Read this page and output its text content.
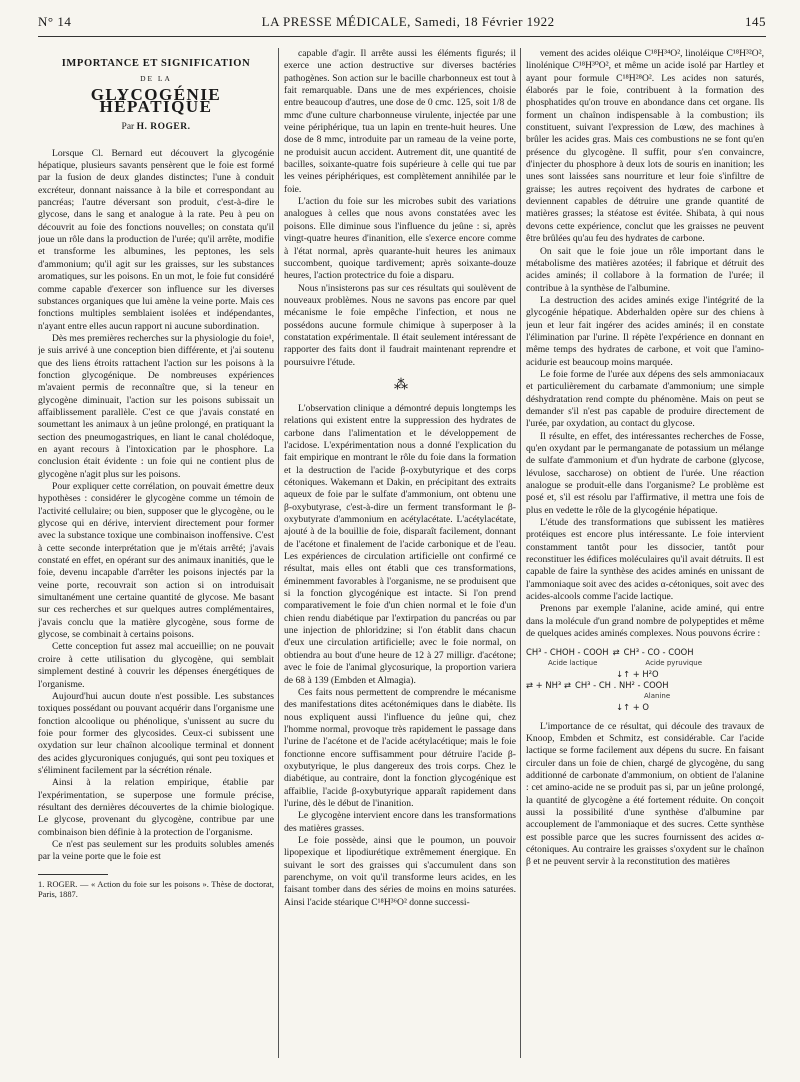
N° 14	LA PRESSE MÉDICALE, Samedi, 18 Février 1922	145
IMPORTANCE ET SIGNIFICATION
DE LA
GLYCOGÉNIE HÉPATIQUE
Par H. ROGER.

Lorsque Cl. Bernard eut découvert la glycogénie hépatique, plusieurs savants pensèrent que le foie est formé par la fusion de deux glandes distinctes; l'une à conduit excréteur, donnant naissance à la bile et correspondant au pancréas; l'autre déversant son produit, c'est-à-dire le glycose, dans le sang et analogue à la rate. Peu à peu on découvrit au foie des fonctions nouvelles; on constata qu'il joue un rôle dans la production de l'urée; qu'il arrête, modifie et transforme les albumines, les peptones, les sels d'ammonium; qu'il agit sur les graisses, sur les substances aromatiques, sur les poisons. En un mot, le foie fut considéré comme capable d'exercer son influence sur les diverses substances organiques que lui amène la veine porte. Mais ces fonctions multiples semblaient isolées et indépendantes, n'ayant entre elles aucun rapport ni aucune subordination.

Dès mes premières recherches sur la physiologie du foie¹, je suis arrivé à une conception bien différente, et j'ai soutenu que des liens étroits rattachent l'action sur les poisons à la fonction glycogénique. De nombreuses expériences m'avaient permis de reconnaître que, si la teneur en glycogène diminuait, l'action sur les poisons subissait un affaiblissement parallèle. C'est ce que j'avais constaté en soumettant les animaux à un jeûne prolongé, en pratiquant la section des pneumogastriques, en liant le canal cholédoque, en ayant recours à l'intoxication par le phosphore. La conclusion était évidente : un foie qui ne contient plus de glycogène n'agit plus sur les poisons.

Pour expliquer cette corrélation, on pouvait émettre deux hypothèses : considérer le glycogène comme un témoin de l'activité cellulaire; ou bien, supposer que le glycogène, ou le glycose qui en dérive, intervient directement pour former avec la substance toxique une combinaison inoffensive. C'est à cette seconde interprétation que je m'étais arrêté; j'avais constaté en effet, en opérant sur des animaux inanitiés, que le foie, devenu incapable d'arrêter les poisons injectés par la veine porte, recouvrait son action si on introduisait simultanément une certaine quantité de glycose. Me basant sur ces recherches et sur quelques autres complémentaires, j'avais conclu que la matière glycogène, sous forme de glycose, se combinait à certains poisons.

Cette conception fut assez mal accueillie; on ne pouvait croire à cette utilisation du glycogène, qui semblait simplement destiné à couvrir les dépenses énergétiques de l'organisme.

Aujourd'hui aucun doute n'est possible. Les substances toxiques possédant ou pouvant acquérir dans l'organisme une fonction alcoolique ou phénolique, s'unissent au sucre du foie pour former des glycosides. Ceux-ci subissent une oxydation sur leur chaînon alcoolique terminal et donnent des acides glycuroniques conjugués, qui sont peu toxiques et s'éliminent facilement par la sécrétion rénale.

Ainsi à la relation empirique, établie par l'expérimentation, se superpose une formule précise, résultant des dernières découvertes de la chimie biologique. Le glycose, provenant du glycogène, contribue par une combinaison bien définie à la protection de l'organisme.

Ce n'est pas seulement sur les produits solubles amenés par la veine porte que le foie est

1. ROGER. — « Action du foie sur les poisons ». Thèse de doctorat, Paris, 1887.

capable d'agir. Il arrête aussi les éléments figurés; il exerce une action destructive sur diverses bactéries pathogènes. Son action sur le bacille charbonneux est tout à fait remarquable. Dans une de mes expériences, choisie entre beaucoup d'autres, une dose de 0 cmc. 125, soit 1/8 de mmc d'une culture charbonneuse virulente, injectée par une veine périphérique, tua un lapin en trente-huit heures. Une dose de 8 mmc, introduite par un rameau de la veine porte, ne produisit aucun accident. Autrement dit, une quantité de bacilles, soixante-quatre fois supérieure à celle qui tue par les veines périphériques, est complètement annihilée par le foie.

L'action du foie sur les microbes subit des variations analogues à celles que nous avons constatées avec les poisons. Elle diminue sous l'influence du jeûne : si, après vingt-quatre heures d'inanition, elle s'exerce encore comme à l'état normal, après quarante-huit heures les animaux succombent, quoique tardivement; après soixante-douze heures, l'action protectrice du foie a disparu.

Nous n'insisterons pas sur ces résultats qui soulèvent de nouveaux problèmes. Nous ne savons pas encore par quel mécanisme le foie empêche l'infection, et nous ne possédons aucune formule chimique à superposer à la constatation expérimentale. Il était seulement intéressant de rapporter des faits dont il faudrait maintenant reprendre et poursuivre l'étude.

⁂

L'observation clinique a démontré depuis longtemps les relations qui existent entre la suppression des hydrates de carbone dans l'alimentation et le développement de l'acidose. L'expérimentation nous a donné l'explication du fait empirique en montrant le rôle du foie dans la formation et la destruction de l'acide β-oxybutyrique et des corps cétoniques. Wakemann et Dakin, en précipitant des extraits aqueux de foie par le sulfate d'ammonium, ont obtenu une β-oxybutyrase, c'est-à-dire un ferment transformant le β-oxybutyrate d'ammonium en acétylacétate. L'acétylacétate, ajouté à de la bouillie de foie, disparaît facilement, donnant de l'acétone et finalement de l'acide carbonique et de l'eau. Les expériences de circulation artificielle ont confirmé ce résultat, mais elles ont établi que ces transformations, éminemment favorables à l'organisme, ne se produisent que si la fonction glycogénique est intacte. Si l'on prend comparativement le foie d'un chien normal et le foie d'un chien rendu diabétique par l'extirpation du pancréas ou par une injection de phloridzine; si l'on établit dans chacun d'eux une circulation artificielle; avec le foie normal, on obtiendra au bout d'une heure de 12 à 27 milligr. d'acétone; avec le foie de l'animal glycosurique, la proportion variera de 68 à 139 (Embden et Almagia).

Ces faits nous permettent de comprendre le mécanisme des manifestations dites acétonémiques dans le diabète. Ils nous expliquent aussi l'influence du jeûne qui, chez l'homme normal, provoque très rapidement le passage dans l'urine de l'acétone et de l'acide acétylacétique; mais le foie fonctionne encore suffisamment pour détruire l'acide β-oxybutyrique, le plus dangereux des trois corps. Chez le diabétique, au contraire, dont la fonction glycogénique est affaiblie, l'acide β-oxybutyrique apparaît rapidement dans l'urine, dès le début de l'inanition.

Le glycogène intervient encore dans les transformations des matières grasses.

Le foie possède, ainsi que le poumon, un pouvoir lipopexique et lipodiurétique extrêmement énergique. En suivant le sort des graisses qui s'accumulent dans son parenchyme, on voit qu'il transforme leurs acides, en les faisant tomber dans des séries de moins en moins saturées. Ainsi l'acide stéarique C¹⁸H³⁶O² donne successi-

vement des acides oléique C¹⁸H³⁴O², linoléique C¹⁸H³²O², linolénique C¹⁸H³⁰O², et même un acide isolé par Hartley et ayant pour formule C¹⁸H²⁸O². Les acides non saturés, élaborés par le foie, contribuent à la formation des phosphatides qu'on trouve en abondance dans cet organe. Ils forment un chaînon indispensable à la combustion; ils constituent, suivant l'expression de Lœw, des machines à brûler les acides gras. Mais ces combustions ne se font qu'en présence du glycogène. Il suffit, pour s'en convaincre, d'injecter du phosphore à deux lots de souris en inanition; les unes sont laissées sans nourriture et leur foie s'infiltre de graisse; les autres reçoivent des hydrates de carbone et deviennent capables de détruire une grande quantité de matières grasses; la stéatose est évitée. Shibata, à qui nous devons cette expérience, conclut que les graisses ne peuvent être brûlées qu'au feu des hydrates de carbone.

On sait que le foie joue un rôle important dans le métabolisme des matières azotées; il fabrique et détruit des acides aminés; il collabore à la formation de l'urée; il contribue à la synthèse de l'albumine.

La destruction des acides aminés exige l'intégrité de la glycogénie hépatique. Abderhalden opère sur des chiens à jeun et leur fait ingérer des acides aminés; il en constate l'élimination par l'urine. Il répète l'expérience en donnant en même temps des hydrates de carbone, et voit que l'amino-acidurie est beaucoup moins marquée.

Le foie forme de l'urée aux dépens des sels ammoniacaux et particulièrement du carbamate d'ammonium; une simple déshydratation rend compte du phénomène. Mais on peut se demander s'il n'est pas capable de produire directement de l'urée, par oxydation, au contact du glycose.

Il résulte, en effet, des intéressantes recherches de Fosse, qu'en oxydant par le permanganate de potassium un mélange de sulfate d'ammonium et d'un hydrate de carbone (glycose, lévulose, saccharose) on obtient de l'urée. Une réaction analogue se produit-elle dans l'organisme? Le problème est posé et, s'il est résolu par l'affirmative, il mettra une fois de plus en vedette le rôle de la glycogénie hépatique.

L'étude des transformations que subissent les matières protéiques est encore plus intéressante. Le foie intervient constamment tantôt pour les dissocier, tantôt pour reconstituer les édifices moléculaires qu'il avait détruits. Il est capable de faire la synthèse des acides aminés en unissant de l'ammoniaque soit avec des acides α-cétoniques, soit avec des acides-alcools comme l'acide lactique.

Prenons par exemple l'alanine, acide aminé, qui entre dans la molécule d'un grand nombre de polypeptides et même de quelques acides aminés complexes. Nous pouvons écrire :

CH³ - CHOH - COOH ⇄ CH³ - CO - COOH
Acide lactique	Acide pyruvique
↓↑ + H²O
⇄ + NH³ ⇄ CH³ - CH . NH² - COOH
Alanine
↓↑ + O

L'importance de ce résultat, qui découle des travaux de Knoop, Embden et Schmitz, est considérable. Car l'acide lactique se forme facilement aux dépens du sucre. En faisant circuler dans un foie de chien, chargé de glycogène, du sang additionné de carbonate d'ammonium, on obtient de l'alanine : cet amino-acide ne se produit pas si, par un jeûne prolongé, la quantité de glycogène a été fortement réduite. On conçoit aussi la possibilité d'une synthèse d'albumine par accouplement de l'ammoniaque et des sucres. Cette synthèse est possible parce que les sucres fournissent des acides α-cétoniques. Au contraire les graisses s'oxydent sur le chaînon β et ne peuvent servir à la reconstitution des matières
